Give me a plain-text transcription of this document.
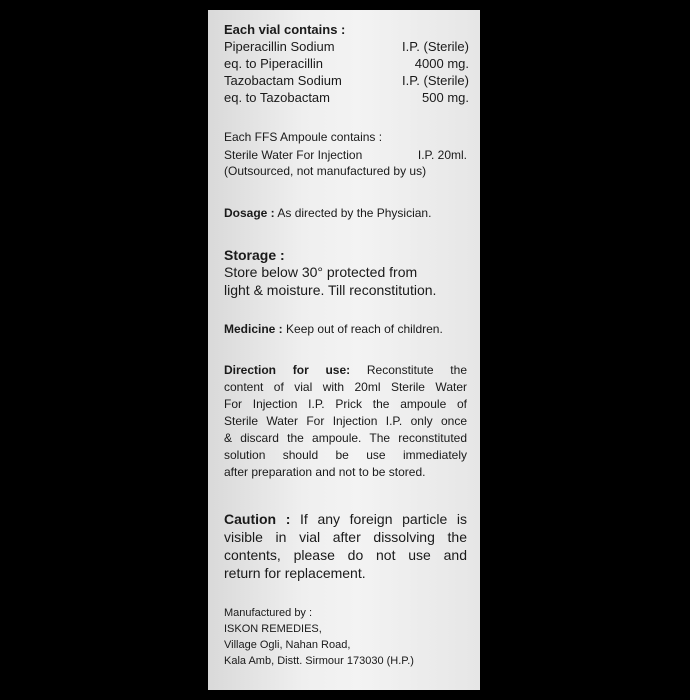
Each vial contains :
Piperacillin Sodium	I.P. (Sterile)
eq. to Piperacillin	4000 mg.
Tazobactam Sodium	I.P. (Sterile)
eq. to Tazobactam	500 mg.
Each FFS Ampoule contains :
Sterile Water For Injection	I.P. 20ml.
(Outsourced, not manufactured by us)
Dosage : As directed by the Physician.
Storage :
Store below 30° protected from
light & moisture. Till reconstitution.
Medicine : Keep out of reach of children.
Direction for use: Reconstitute the
content of vial with 20ml Sterile Water
For Injection I.P. Prick the ampoule of
Sterile Water For Injection I.P. only once
& discard the ampoule. The reconstituted
solution should be use immediately
after preparation and not to be stored.
Caution : If any foreign particle is
visible in vial after dissolving the
contents, please do not use and
return for replacement.
Manufactured by :
ISKON REMEDIES,
Village Ogli, Nahan Road,
Kala Amb, Distt. Sirmour 173030 (H.P.)
